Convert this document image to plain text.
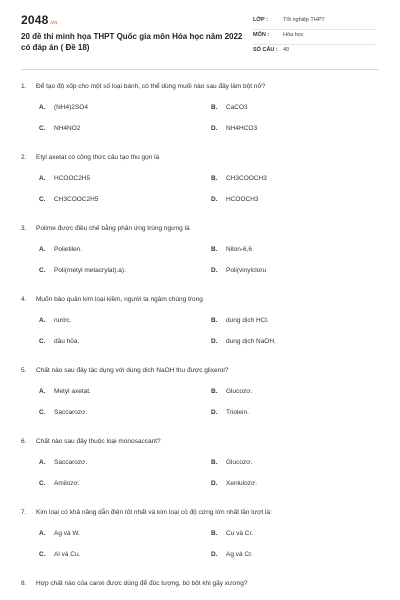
2048.vn
20 đề thi minh họa THPT Quốc gia môn Hóa học năm 2022 có đáp án ( Đề 18)
LỚP :	Tốt nghiệp THPT
MÔN :	Hóa học
SỐ CÂU : 40
1. Để tạo độ xốp cho một số loại bánh, có thể dùng muối nào sau đây làm bột nở?
A. (NH4)2SO4	B. CaCO3
C. NH4NO2	D. NH4HCO3
2. Etyl axetat có công thức cấu tạo thu gọn là
A. HCOOC2H5	B. CH3COOCH3
C. CH3COOC2H5	D. HCOOCH3
3. Polime được điều chế bằng phản ứng trùng ngưng là
A. Polietilen.	B. Nilon-6,6
C. Poli(metyl metacrylat).a).	D. Poli(vinylcloru
4. Muốn bảo quản kim loại kiềm, người ta ngâm chúng trong
A. nước.	B. dung dịch HCl.
C. dầu hỏa.	D. dung dịch NaOH.
5. Chất nào sau đây tác dụng với dung dịch NaOH thu được glixerol?
A. Metyl axetat.	B. Glucozơ.
C. Saccarozơ.	D. Triolein.
6. Chất nào sau đây thuộc loại monosaccarit?
A. Saccarozơ.	B. Glucozơ.
C. Amilozơ.	D. Xenlulozơ.
7. Kim loại có khả năng dẫn điện tốt nhất và kim loại có độ cứng lớn nhất lần lượt là:
A. Ag và W.	B. Cu và Cr.
C. Al và Cu.	D. Ag và Cr.
8. Hợp chất nào của canxi được dùng để đúc tượng, bó bột khi gãy xương?
